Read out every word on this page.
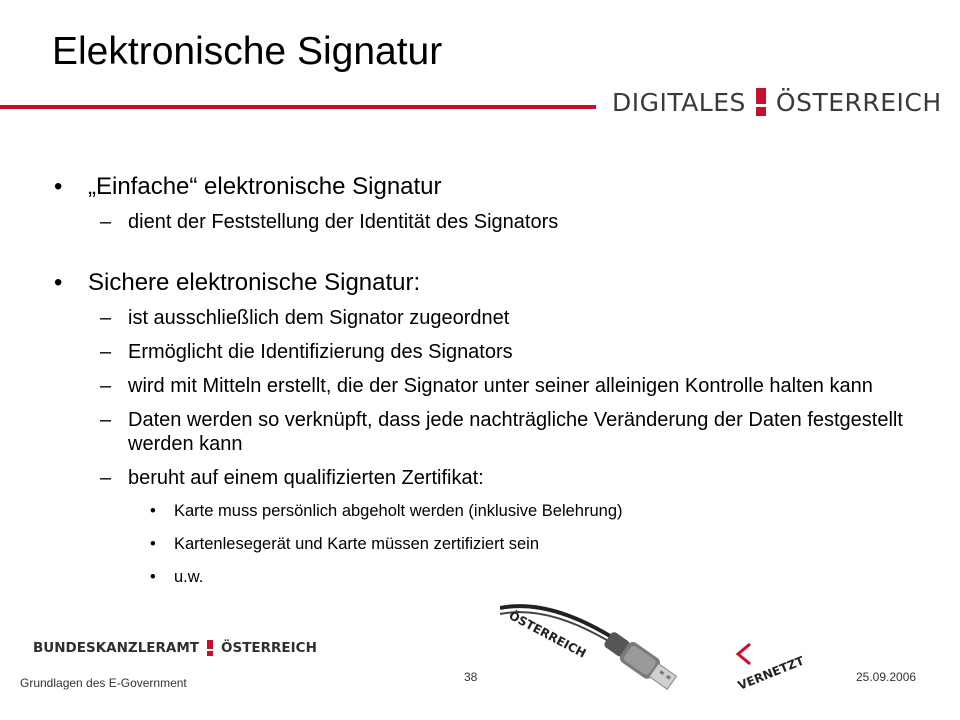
Elektronische Signatur
DIGITALES ÖSTERREICH
•	„Einfache“ elektronische Signatur
– dient der Feststellung der Identität des Signators
•	Sichere elektronische Signatur:
– ist ausschließlich dem Signator zugeordnet
– Ermöglicht die Identifizierung des Signators
– wird mit Mitteln erstellt, die der Signator unter seiner alleinigen Kontrolle halten kann
– Daten werden so verknüpft, dass jede nachträgliche Veränderung der Daten festgestellt werden kann
– beruht auf einem qualifizierten Zertifikat:
• Karte muss persönlich abgeholt werden (inklusive Belehrung)
• Kartenlesegerät und Karte müssen zertifiziert sein
• u.w.
BUNDESKANZLERAMT ÖSTERREICH
Grundlagen des E-Government	38	25.09.2006
ÖSTERREICH
VERNETZT
